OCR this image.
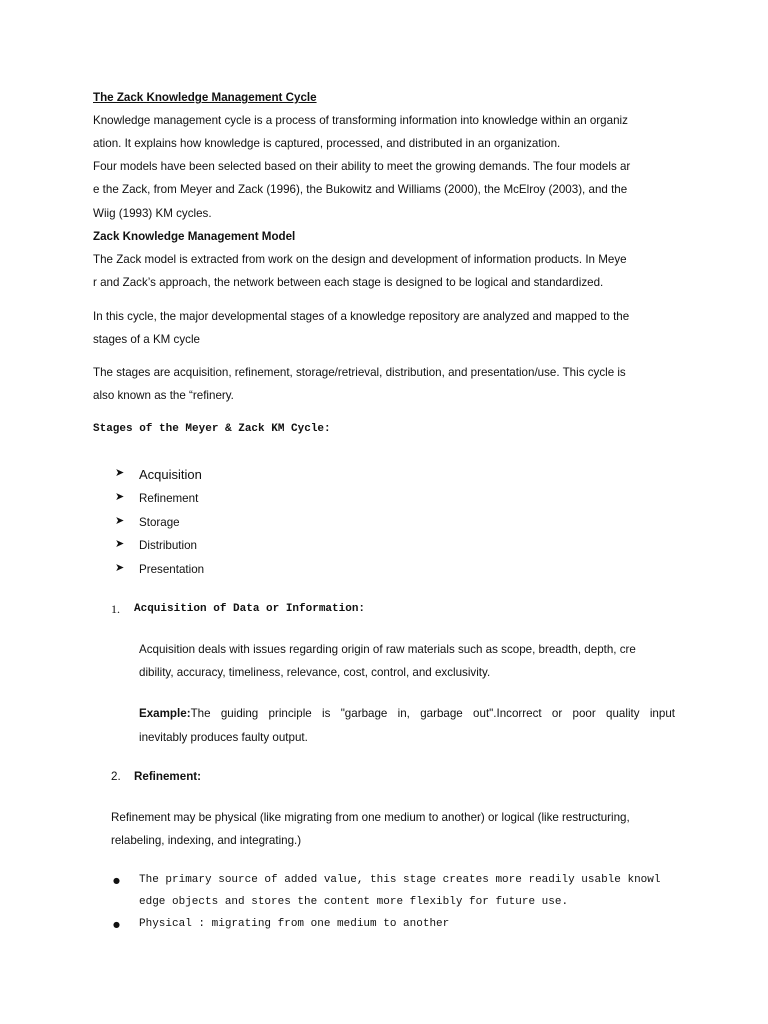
The Zack Knowledge Management Cycle
Knowledge management cycle is a process of transforming information into knowledge within an organiz
ation. It explains how knowledge is captured, processed, and distributed in an organization.
Four models have been selected based on their ability to meet the growing demands. The four models ar
e the Zack, from Meyer and Zack (1996), the Bukowitz and Williams (2000), the McElroy (2003), and the
Wiig (1993) KM cycles.
Zack Knowledge Management Model
The Zack model is extracted from work on the design and development of information products. In Meye
r and Zack’s approach, the network between each stage is designed to be logical and standardized.
In this cycle, the major developmental stages of a knowledge repository are analyzed and mapped to the
stages of a KM cycle
The stages are acquisition, refinement, storage/retrieval, distribution, and presentation/use. This cycle is
also known as the “refinery.
Stages of the Meyer & Zack KM Cycle:
➤ Acquisition
➤ Refinement
➤ Storage
➤ Distribution
➤ Presentation
1. Acquisition of Data or Information:
Acquisition deals with issues regarding origin of raw materials such as scope, breadth, depth, cre
dibility, accuracy, timeliness, relevance, cost, control, and exclusivity.
Example:The guiding principle is "garbage in, garbage out".Incorrect or poor quality input
inevitably produces faulty output.
2. Refinement:
Refinement may be physical (like migrating from one medium to another) or logical (like restructuring,
relabeling, indexing, and integrating.)
● The primary source of added value, this stage creates more readily usable knowl
edge objects and stores the content more flexibly for future use.
● Physical : migrating from one medium to another
